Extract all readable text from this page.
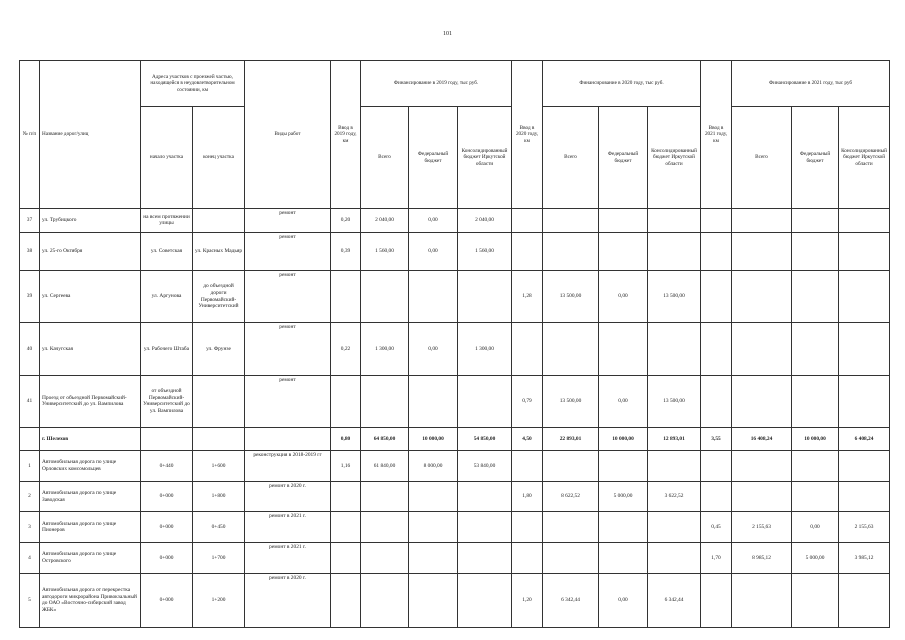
101
№ п/п	Название дорог/улиц	Адреса участков с проезжей частью, находящейся в неудовлетворительном состоянии, км		Виды работ	Ввод в 2019 году, км	Финансирование в 2019 году, тыс руб.			Ввод в 2020 году, км	Финансирование в 2020 году, тыс руб.			Ввод в 2021 году, км	Финансирование в 2021 году, тыс руб		
		начало участка	конец участка			Всего	Федеральный бюджет	Консолидированный бюджет Иркутской области		Всего	Федеральный бюджет	Консолидированный бюджет Иркутской области		Всего	Федеральный бюджет	Консолидированный бюджет Иркутской области
37	ул. Трубицкого	на всем протяжении улицы		ремонт	0,20	2 040,00	0,00	2 040,00								
38	ул. 25-го Октября	ул. Советская	ул. Красных Мадьяр	ремонт	0,39	1 560,00	0,00	1 560,00								
39	ул. Сергеева	ул. Аргунова	до объездной дороги Первомайский-Университетский	ремонт					1,28	13 500,00	0,00	13 500,00				
40	ул. Качугская	ул. Рабочего Штаба	ул. Фрунзе	ремонт	0,22	1 300,00	0,00	1 300,00								
41	Проезд от объездной Первомайский-Университетский до ул. Вампилова	от объездной Первомайский-Университетский до ул. Вампилова		ремонт					0,79	13 500,00	0,00	13 500,00				
	г. Шелехов				0,80	64 850,00	10 000,00	54 850,00	4,50	22 893,01	10 000,00	12 893,01	3,55	16 408,24	10 000,00	6 408,24
1	Автомобильная дорога по улице Орловских комсомольцев	0+440	1+600	реконструкция в 2018-2019 гг	1,16	61 840,00	8 000,00	53 840,00								
2	Автомобильная дорога по улице Заводская	0+000	1+800	ремонт в 2020 г.					1,80	8 622,52	5 000,00	3 622,52				
3	Автомобильная дорога по улице Пионеров	0+000	0+450	ремонт в 2021 г.									0,45	2 155,63	0,00	2 155,63
4	Автомобильная дорога по улице Островского	0+000	1+700	ремонт в 2021 г.									1,70	8 985,12	5 000,00	3 985,12
5	Автомобильная дорога от перекрестка автодороги микрорайона Привокзальный до ОАО «Восточно-сибирский завод ЖБК»	0+000	1+200	ремонт в 2020 г.					1,20	6 342,44	0,00	6 342,44				
